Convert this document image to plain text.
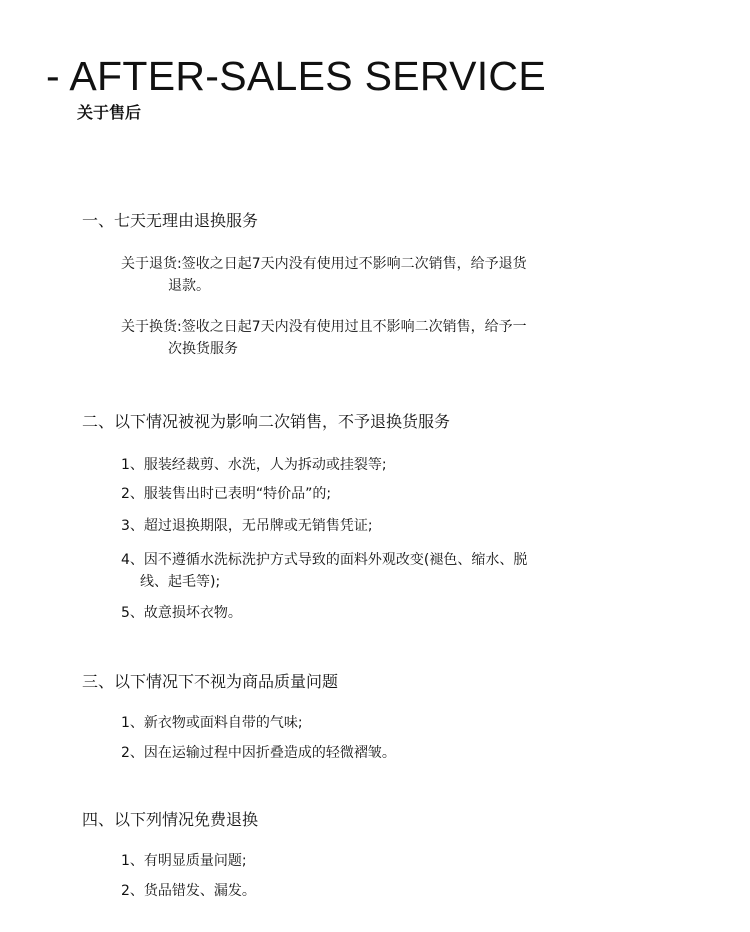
- AFTER-SALES SERVICE
关于售后
一、七天无理由退换服务

关于退货:签收之日起7天内没有使用过不影响二次销售，给予退货
退款。

关于换货:签收之日起7天内没有使用过且不影响二次销售，给予一
次换货服务

二、以下情况被视为影响二次销售，不予退换货服务

1、服装经裁剪、水洗，人为拆动或挂裂等;

2、服装售出时已表明“特价品”的;

3、超过退换期限，无吊牌或无销售凭证;

4、因不遵循水洗标洗护方式导致的面料外观改变(褪色、缩水、脱
线、起毛等);

5、故意损坏衣物。

三、以下情况下不视为商品质量问题

1、新衣物或面料自带的气味;

2、因在运输过程中因折叠造成的轻微褶皱。

四、以下列情况免费退换

1、有明显质量问题;

2、货品错发、漏发。
